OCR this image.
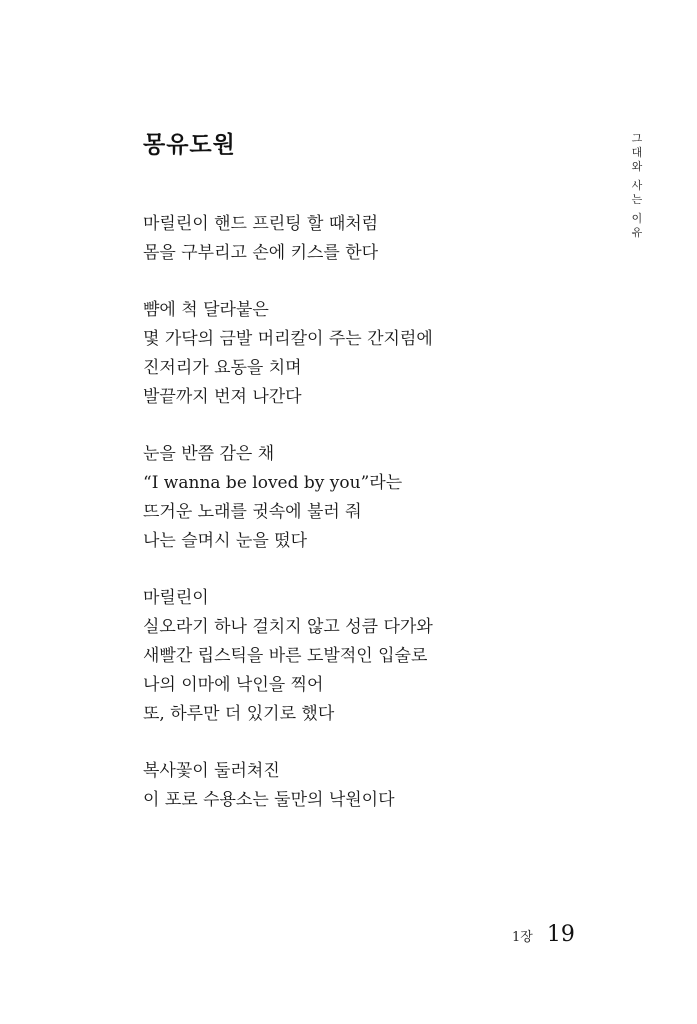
몽유도원
마릴린이 핸드 프린팅 할 때처럼
몸을 구부리고 손에 키스를 한다
뺨에 척 달라붙은
몇 가닥의 금발 머리칼이 주는 간지럼에
진저리가 요동을 치며
발끝까지 번져 나간다
눈을 반쯤 감은 채
“I wanna be loved by you”라는
뜨거운 노래를 귓속에 불러 줘
나는 슬며시 눈을 떴다
마릴린이
실오라기 하나 걸치지 않고 성큼 다가와
새빨간 립스틱을 바른 도발적인 입술로
나의 이마에 낙인을 찍어
또, 하루만 더 있기로 했다
복사꽃이 둘러쳐진
이 포로 수용소는 둘만의 낙원이다
그
대
와
사
는
이
유
1장 19
